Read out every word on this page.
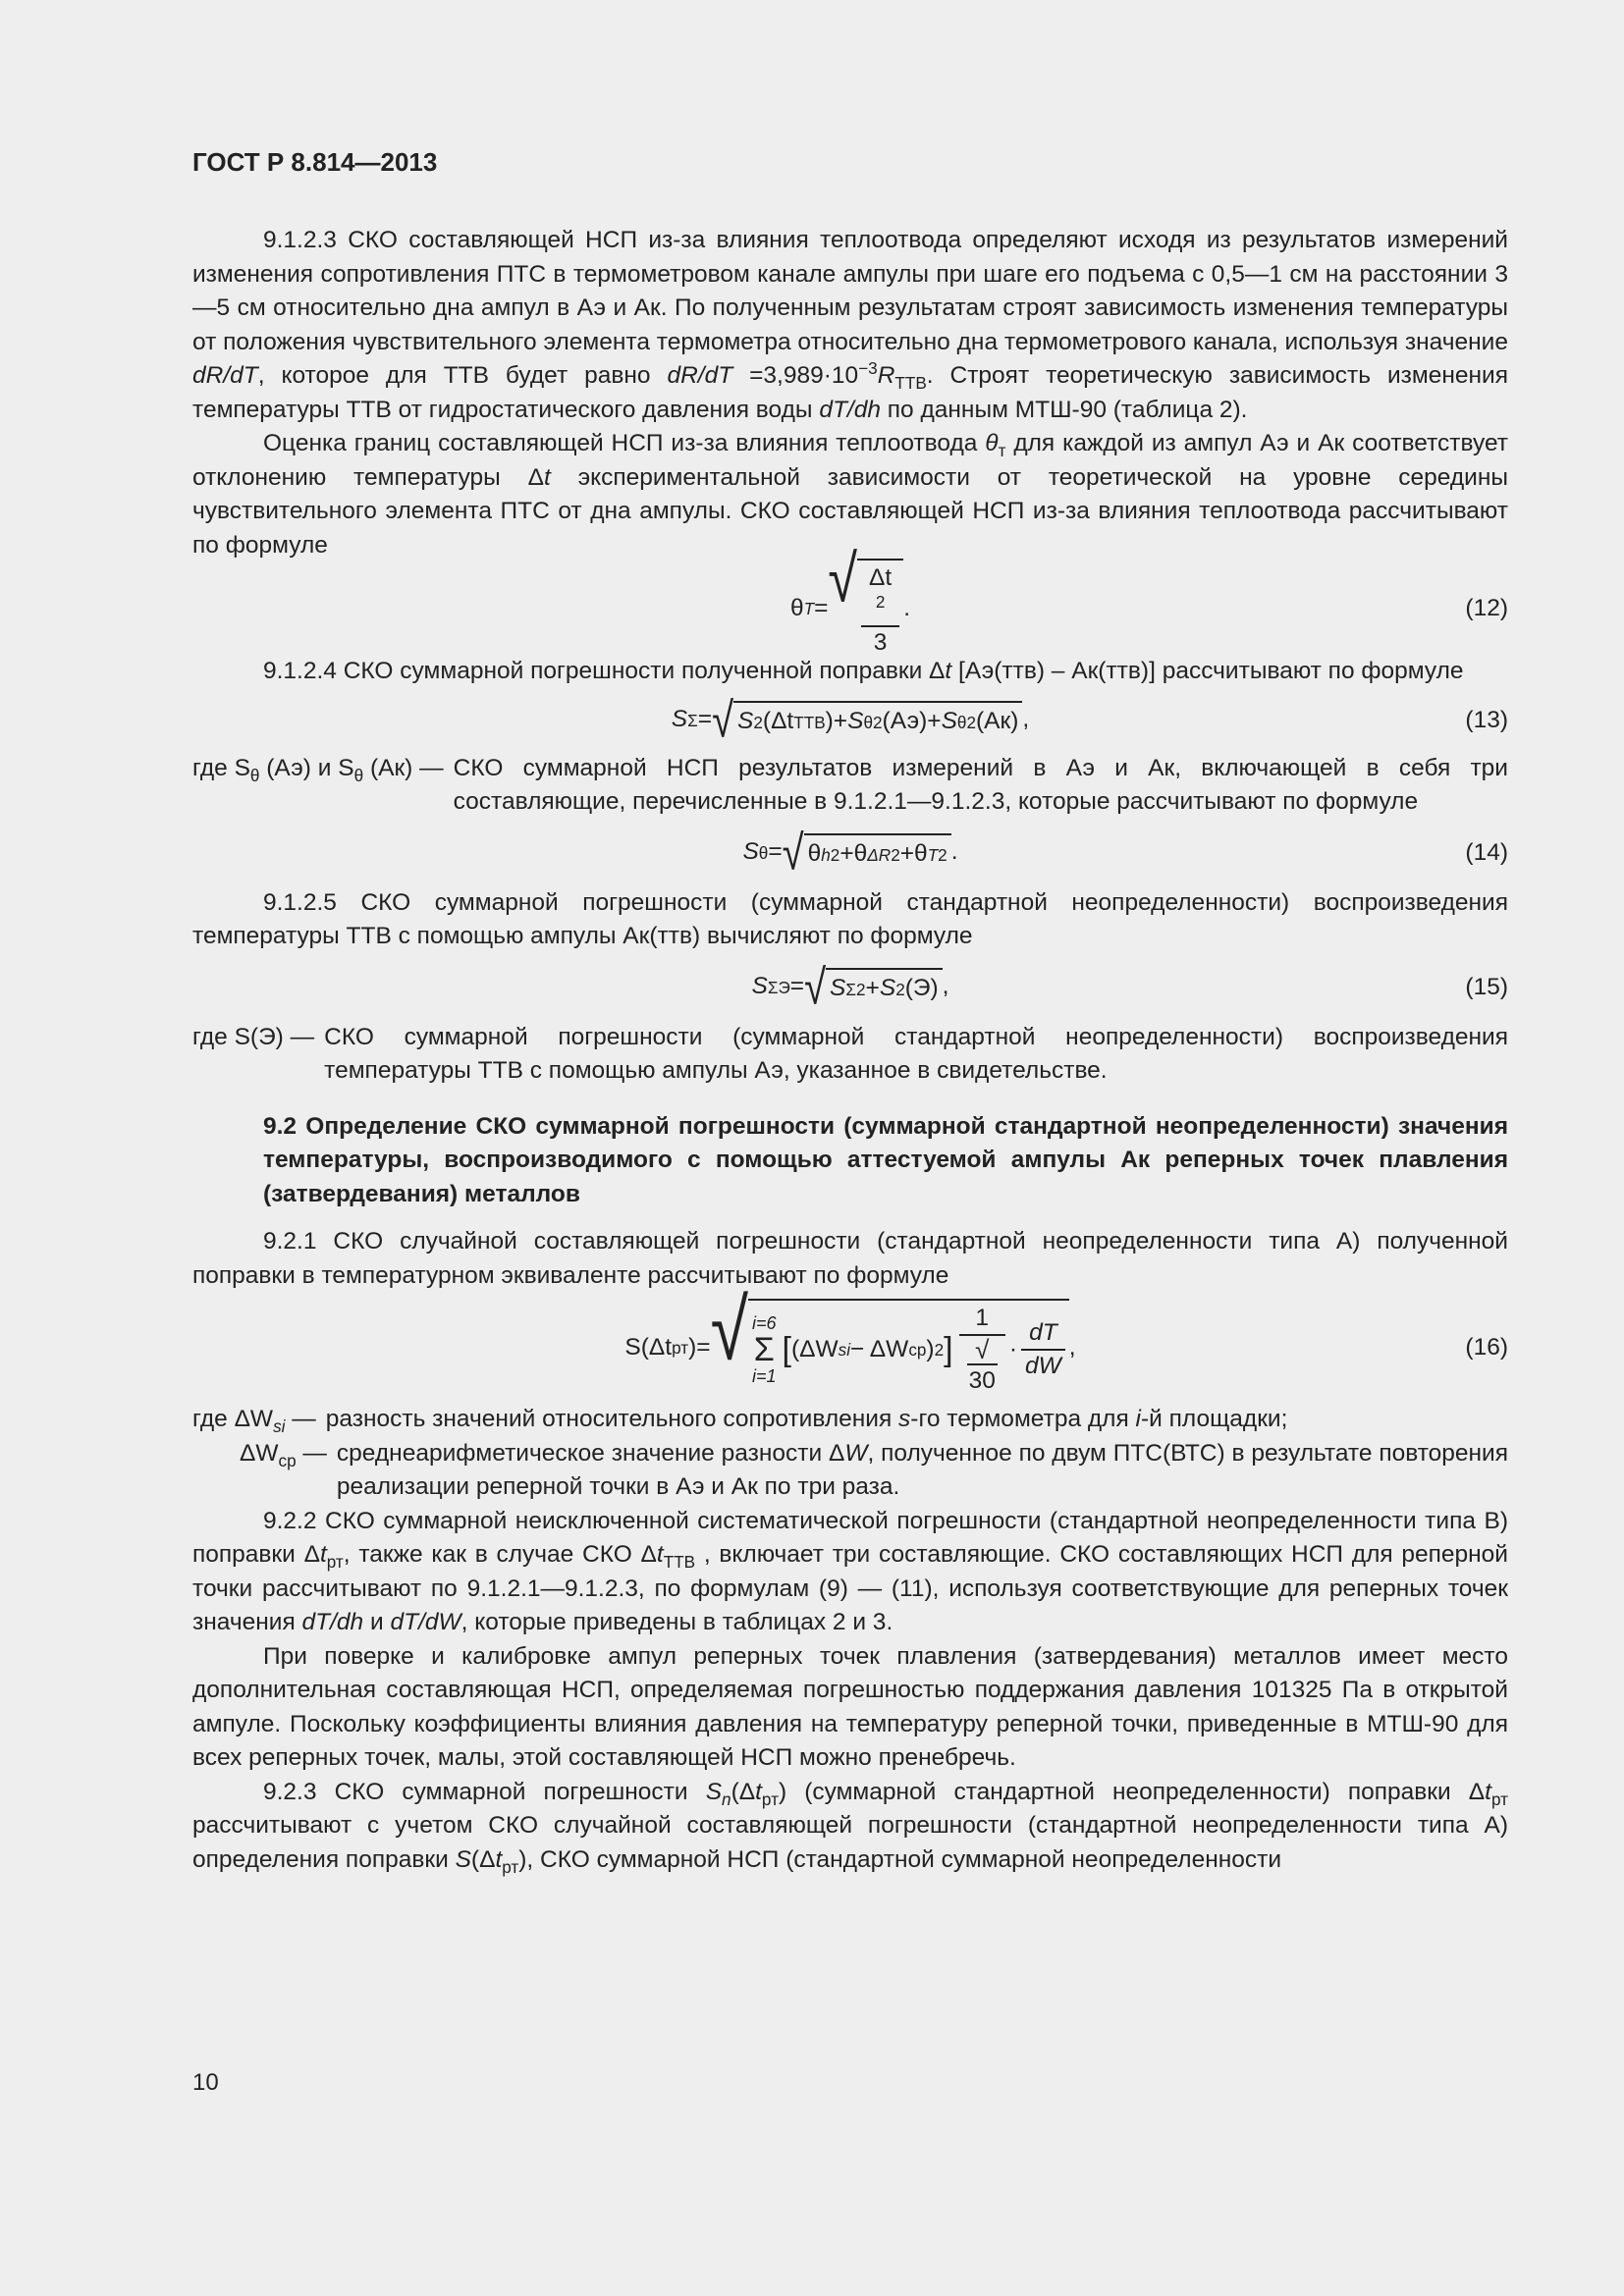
ГОСТ Р 8.814—2013

9.1.2.3 СКО составляющей НСП из-за влияния теплоотвода определяют исходя из результатов измерений изменения сопротивления ПТС в термометровом канале ампулы при шаге его подъема с 0,5—1 см на расстоянии 3—5 см относительно дна ампул в Аэ и Ак. По полученным результатам строят зависимость изменения температуры от положения чувствительного элемента термометра относительно дна термометрового канала, используя значение dR/dT, которое для ТТВ будет равно $dR/dT =3,989\cdot 10^{-3}R_{ТТВ}$. Строят теоретическую зависимость изменения температуры ТТВ от гидростатического давления воды dT/dh по данным МТШ-90 (таблица 2).

Оценка границ составляющей НСП из-за влияния теплоотвода $\theta_т$ для каждой из ампул Аэ и Ак соответствует отклонению температуры Δt экспериментальной зависимости от теоретической на уровне середины чувствительного элемента ПТС от дна ампулы. СКО составляющей НСП из-за влияния теплоотвода рассчитывают по формуле

θ T = √ Δt
$^2$
3 .	(12)

9.1.2.4 СКО суммарной погрешности полученной поправки Δt [Аэ(ттв) – Ак(ттв)] рассчитывают по формуле

S Σ = √ S 2 (Δt ТТВ ) + S θ 2 (Аэ) + S θ 2 (Ак) ,	(13)
где $S_\theta$ (Аэ) и $S_\theta$ (Ак) — СКО суммарной НСП результатов измерений в Аэ и Ак, включающей в себя три составляющие, перечисленные в 9.1.2.1—9.1.2.3, которые рассчитывают по формуле
S θ = √ θ h 2 + θ ΔR 2 + θ T 2 .	(14)

9.1.2.5 СКО суммарной погрешности (суммарной стандартной неопределенности) воспроизведения температуры ТТВ с помощью ампулы Ак(ттв) вычисляют по формуле

S ΣЭ = √ S Σ 2 + S 2 (Э) ,	(15)
где S(Э) — СКО суммарной погрешности (суммарной стандартной неопределенности) воспроизведения температуры ТТВ с помощью ампулы Аэ, указанное в свидетельстве.

9.2 Определение СКО суммарной погрешности (суммарной стандартной неопределенности) значения температуры, воспроизводимого с помощью аттестуемой ампулы Ак реперных точек плавления (затвердевания) металлов

9.2.1 СКО случайной составляющей погрешности (стандартной неопределенности типа А) полученной поправки в температурном эквиваленте рассчитывают по формуле

S(Δt рт ) = √ i=6
Σ
i=1
[ (ΔW si − ΔW ср ) 2 ] 1
√
$30 \cdot \frac{dT}{dW}$ ,	(16)
где $\Delta W_{si}$ — разность значений относительного сопротивления s-го термометра для i-й площадки;
$\Delta W_{ср}$ — среднеарифметическое значение разности ΔW, полученное по двум ПТС(ВТС) в результате повторения реализации реперной точки в Аэ и Ак по три раза.

9.2.2 СКО суммарной неисключенной систематической погрешности (стандартной неопределенности типа В) поправки $\Delta t_{рт}$, также как в случае СКО $\Delta t_{ТТВ}$ , включает три составляющие. СКО составляющих НСП для реперной точки рассчитывают по 9.1.2.1—9.1.2.3, по формулам (9) — (11), используя соответствующие для реперных точек значения dT/dh и dT/dW, которые приведены в таблицах 2 и 3.

При поверке и калибровке ампул реперных точек плавления (затвердевания) металлов имеет место дополнительная составляющая НСП, определяемая погрешностью поддержания давления 101325 Па в открытой ампуле. Поскольку коэффициенты влияния давления на температуру реперной точки, приведенные в МТШ-90 для всех реперных точек, малы, этой составляющей НСП можно пренебречь.

9.2.3 СКО суммарной погрешности $S_n(\Delta t_{рт})$ (суммарной стандартной неопределенности) поправки $\Delta t_{рт}$ рассчитывают с учетом СКО случайной составляющей погрешности (стандартной неопределенности типа А) определения поправки $S(\Delta t_{рт})$, СКО суммарной НСП (стандартной суммарной неопределенности

10
